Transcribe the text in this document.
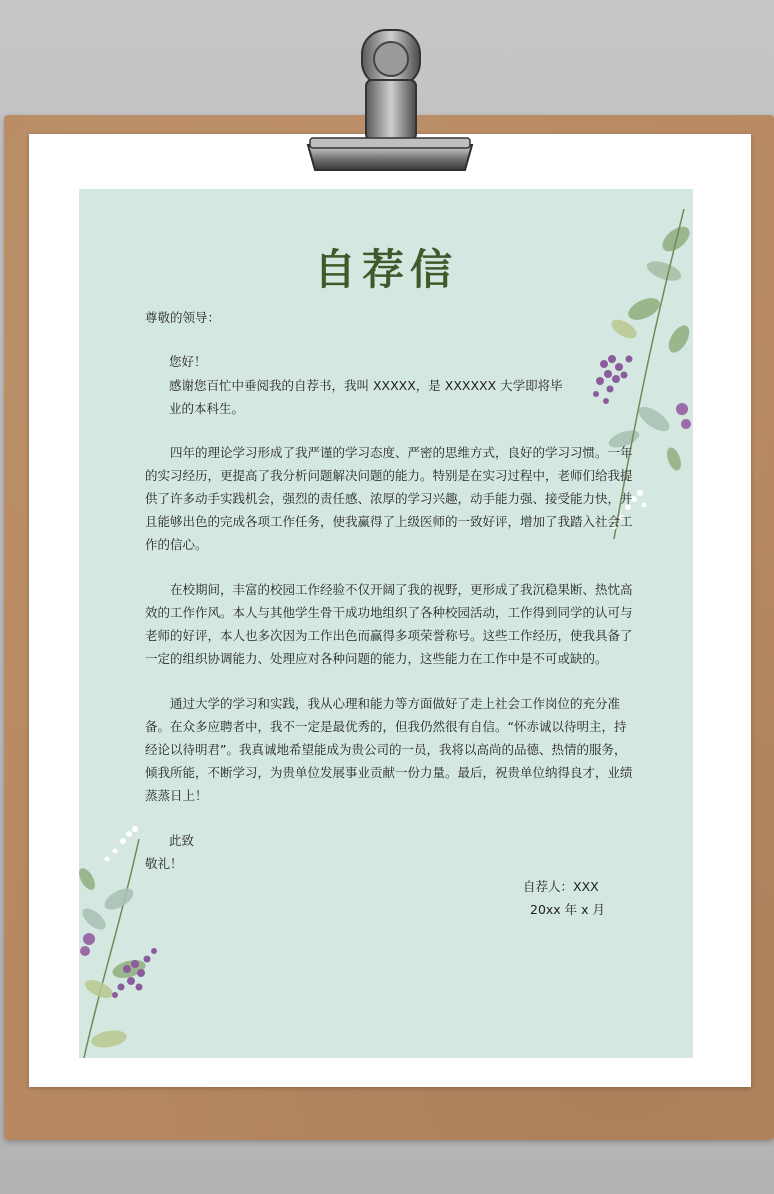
自荐信
尊敬的领导：
您好！
感谢您百忙中垂阅我的自荐书，我叫 XXXXX，是 XXXXXX 大学即将毕业的本科生。
四年的理论学习形成了我严谨的学习态度、严密的思维方式，良好的学习习惯。一年的实习经历，更提高了我分析问题解决问题的能力。特别是在实习过程中，老师们给我提供了许多动手实践机会，强烈的责任感、浓厚的学习兴趣，动手能力强、接受能力快，并且能够出色的完成各项工作任务，使我赢得了上级医师的一致好评，增加了我踏入社会工作的信心。
在校期间，丰富的校园工作经验不仅开阔了我的视野，更形成了我沉稳果断、热忱高效的工作作风。本人与其他学生骨干成功地组织了各种校园活动，工作得到同学的认可与老师的好评，本人也多次因为工作出色而赢得多项荣誉称号。这些工作经历，使我具备了一定的组织协调能力、处理应对各种问题的能力，这些能力在工作中是不可或缺的。
通过大学的学习和实践，我从心理和能力等方面做好了走上社会工作岗位的充分准备。在众多应聘者中，我不一定是最优秀的，但我仍然很有自信。“怀赤诚以待明主，持经论以待明君”。我真诚地希望能成为贵公司的一员，我将以高尚的品德、热情的服务，倾我所能，不断学习，为贵单位发展事业贡献一份力量。最后，祝贵单位纳得良才，业绩蒸蒸日上！
此致
敬礼！
自荐人：XXX
20xx 年 x 月
